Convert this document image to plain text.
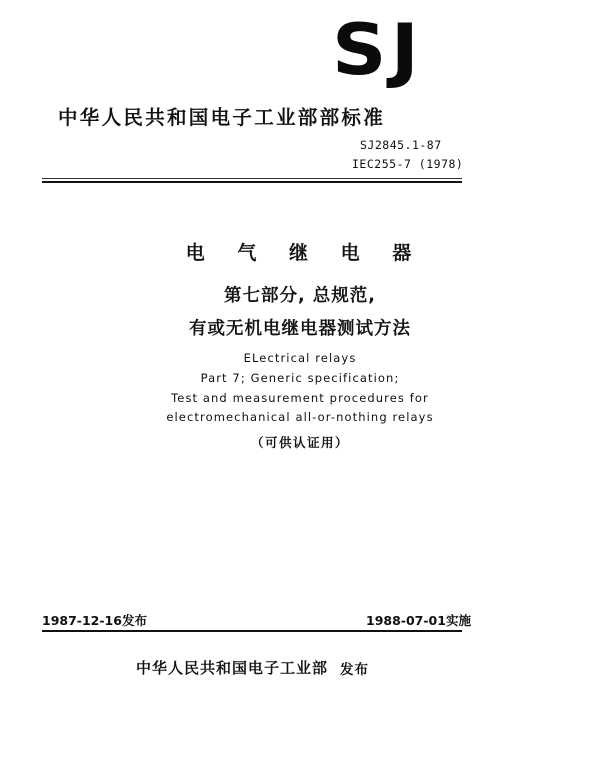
SJ
中华人民共和国电子工业部部标准
SJ2845.1-87
IEC255-7 (1978)
电 气 继 电 器
第七部分, 总规范,
有或无机电继电器测试方法
ELectrical relays
Part 7; Generic specification;
Test and measurement procedures for
electromechanical all-or-nothing relays
（可供认证用）
1987-12-16发布	1988-07-01实施
中华人民共和国电子工业部 发布
